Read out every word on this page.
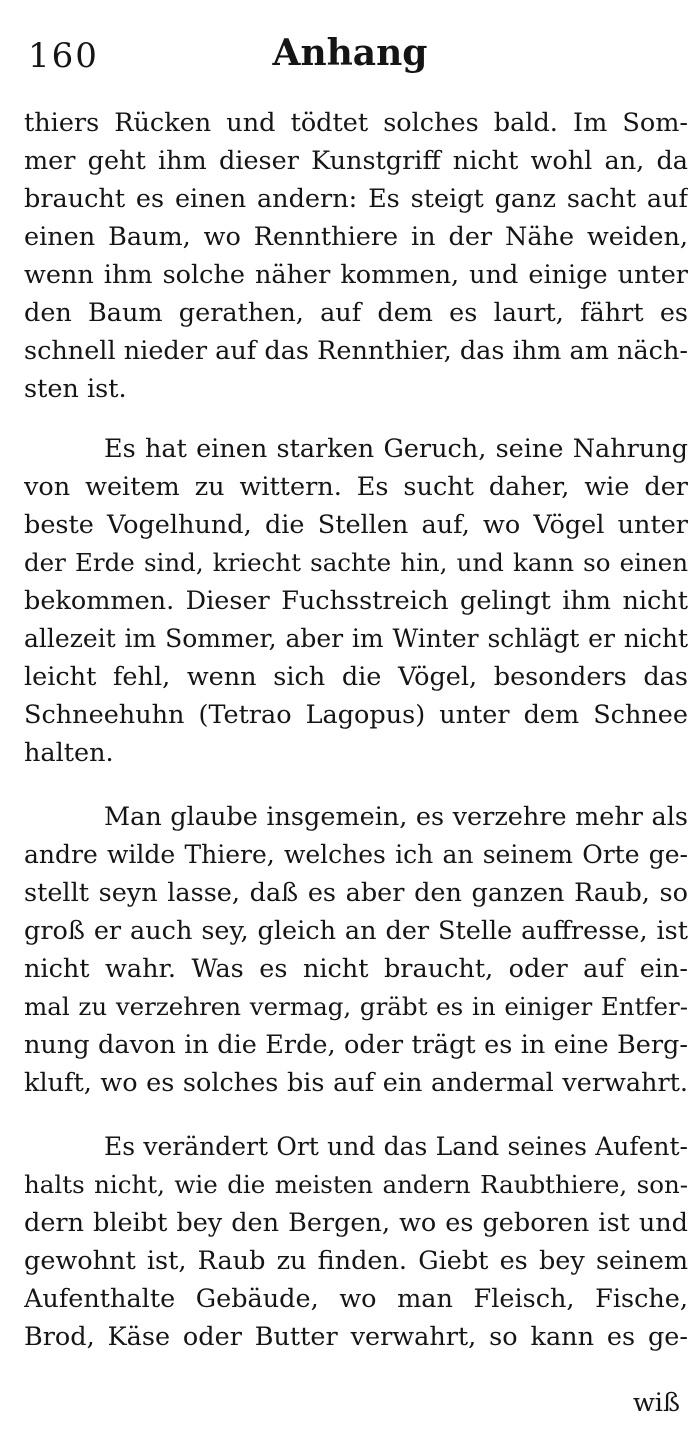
160	Anhang
thiers Rücken und tödtet solches bald. Im Som-
mer geht ihm dieser Kunstgriff nicht wohl an, da
braucht es einen andern: Es steigt ganz sacht auf
einen Baum, wo Rennthiere in der Nähe weiden,
wenn ihm solche näher kommen, und einige unter
den Baum gerathen, auf dem es laurt, fährt es
schnell nieder auf das Rennthier, das ihm am näch-
sten ist.
Es hat einen starken Geruch, seine Nahrung
von weitem zu wittern. Es sucht daher, wie der
beste Vogelhund, die Stellen auf, wo Vögel unter
der Erde sind, kriecht sachte hin, und kann so einen
bekommen. Dieser Fuchsstreich gelingt ihm nicht
allezeit im Sommer, aber im Winter schlägt er nicht
leicht fehl, wenn sich die Vögel, besonders das
Schneehuhn (Tetrao Lagopus) unter dem Schnee
halten.
Man glaube insgemein, es verzehre mehr als
andre wilde Thiere, welches ich an seinem Orte ge-
stellt seyn lasse, daß es aber den ganzen Raub, so
groß er auch sey, gleich an der Stelle auffresse, ist
nicht wahr. Was es nicht braucht, oder auf ein-
mal zu verzehren vermag, gräbt es in einiger Entfer-
nung davon in die Erde, oder trägt es in eine Berg-
kluft, wo es solches bis auf ein andermal verwahrt.
Es verändert Ort und das Land seines Aufent-
halts nicht, wie die meisten andern Raubthiere, son-
dern bleibt bey den Bergen, wo es geboren ist und
gewohnt ist, Raub zu finden. Giebt es bey seinem
Aufenthalte Gebäude, wo man Fleisch, Fische,
Brod, Käse oder Butter verwahrt, so kann es ge-
wiß
